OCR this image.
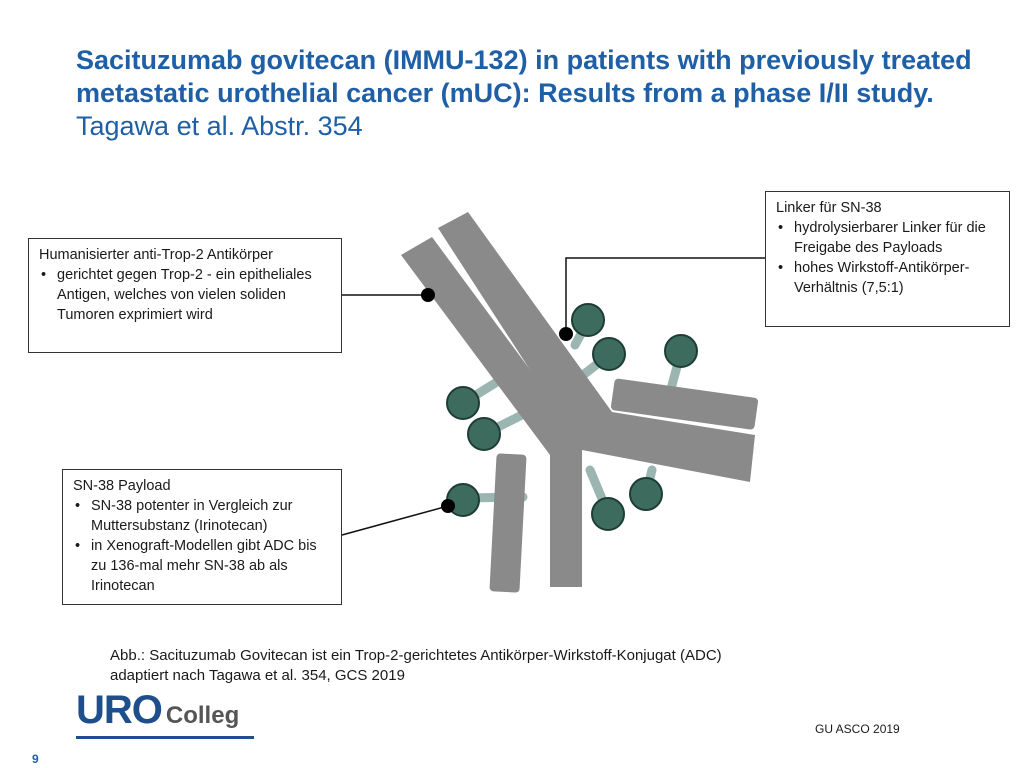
Sacituzumab govitecan (IMMU-132) in patients with previously treated metastatic urothelial cancer (mUC): Results from a phase I/II study. Tagawa et al. Abstr. 354
Humanisierter anti-Trop-2 Antikörper
• gerichtet gegen Trop-2 - ein epitheliales Antigen, welches von vielen soliden Tumoren exprimiert wird
SN-38 Payload
• SN-38 potenter in Vergleich zur Muttersubstanz (Irinotecan)
• in Xenograft-Modellen gibt ADC bis zu 136-mal mehr SN-38 ab als Irinotecan
Linker für SN-38
• hydrolysierbarer Linker für die Freigabe des Payloads
• hohes Wirkstoff-Antikörper-Verhältnis (7,5:1)
Abb.: Sacituzumab Govitecan ist ein Trop-2-gerichtetes Antikörper-Wirkstoff-Konjugat (ADC)
adaptiert nach Tagawa et al. 354, GCS 2019
URO Colleg	GU ASCO 2019
9
